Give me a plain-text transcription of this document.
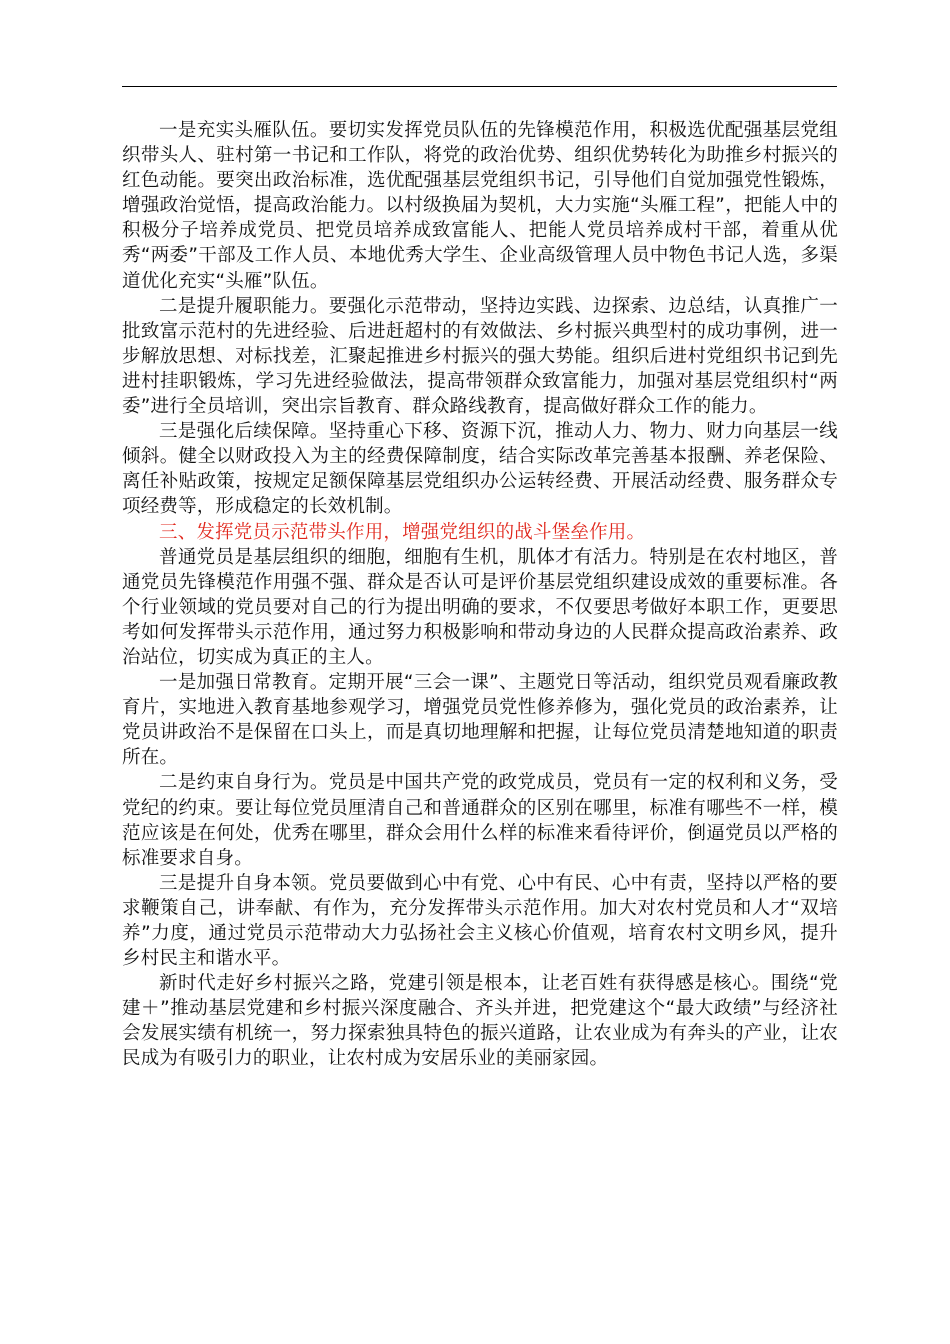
一是充实头雁队伍。要切实发挥党员队伍的先锋模范作用，积极选优配强基层党组织带头人、驻村第一书记和工作队，将党的政治优势、组织优势转化为助推乡村振兴的红色动能。要突出政治标准，选优配强基层党组织书记，引导他们自觉加强党性锻炼，增强政治觉悟，提高政治能力。以村级换届为契机，大力实施“头雁工程”，把能人中的积极分子培养成党员、把党员培养成致富能人、把能人党员培养成村干部，着重从优秀“两委”干部及工作人员、本地优秀大学生、企业高级管理人员中物色书记人选，多渠道优化充实“头雁”队伍。

二是提升履职能力。要强化示范带动，坚持边实践、边探索、边总结，认真推广一批致富示范村的先进经验、后进赶超村的有效做法、乡村振兴典型村的成功事例，进一步解放思想、对标找差，汇聚起推进乡村振兴的强大势能。组织后进村党组织书记到先进村挂职锻炼，学习先进经验做法，提高带领群众致富能力，加强对基层党组织村“两委”进行全员培训，突出宗旨教育、群众路线教育，提高做好群众工作的能力。

三是强化后续保障。坚持重心下移、资源下沉，推动人力、物力、财力向基层一线倾斜。健全以财政投入为主的经费保障制度，结合实际改革完善基本报酬、养老保险、离任补贴政策，按规定足额保障基层党组织办公运转经费、开展活动经费、服务群众专项经费等，形成稳定的长效机制。

三、发挥党员示范带头作用，增强党组织的战斗堡垒作用。

普通党员是基层组织的细胞，细胞有生机，肌体才有活力。特别是在农村地区，普通党员先锋模范作用强不强、群众是否认可是评价基层党组织建设成效的重要标准。各个行业领域的党员要对自己的行为提出明确的要求，不仅要思考做好本职工作，更要思考如何发挥带头示范作用，通过努力积极影响和带动身边的人民群众提高政治素养、政治站位，切实成为真正的主人。

一是加强日常教育。定期开展“三会一课”、主题党日等活动，组织党员观看廉政教育片，实地进入教育基地参观学习，增强党员党性修养修为，强化党员的政治素养，让党员讲政治不是保留在口头上，而是真切地理解和把握，让每位党员清楚地知道的职责所在。

二是约束自身行为。党员是中国共产党的政党成员，党员有一定的权利和义务，受党纪的约束。要让每位党员厘清自己和普通群众的区别在哪里，标准有哪些不一样，模范应该是在何处，优秀在哪里，群众会用什么样的标准来看待评价，倒逼党员以严格的标准要求自身。

三是提升自身本领。党员要做到心中有党、心中有民、心中有责，坚持以严格的要求鞭策自己，讲奉献、有作为，充分发挥带头示范作用。加大对农村党员和人才“双培养”力度，通过党员示范带动大力弘扬社会主义核心价值观，培育农村文明乡风，提升乡村民主和谐水平。

新时代走好乡村振兴之路，党建引领是根本，让老百姓有获得感是核心。围绕“党建＋”推动基层党建和乡村振兴深度融合、齐头并进，把党建这个“最大政绩”与经济社会发展实绩有机统一，努力探索独具特色的振兴道路，让农业成为有奔头的产业，让农民成为有吸引力的职业，让农村成为安居乐业的美丽家园。
